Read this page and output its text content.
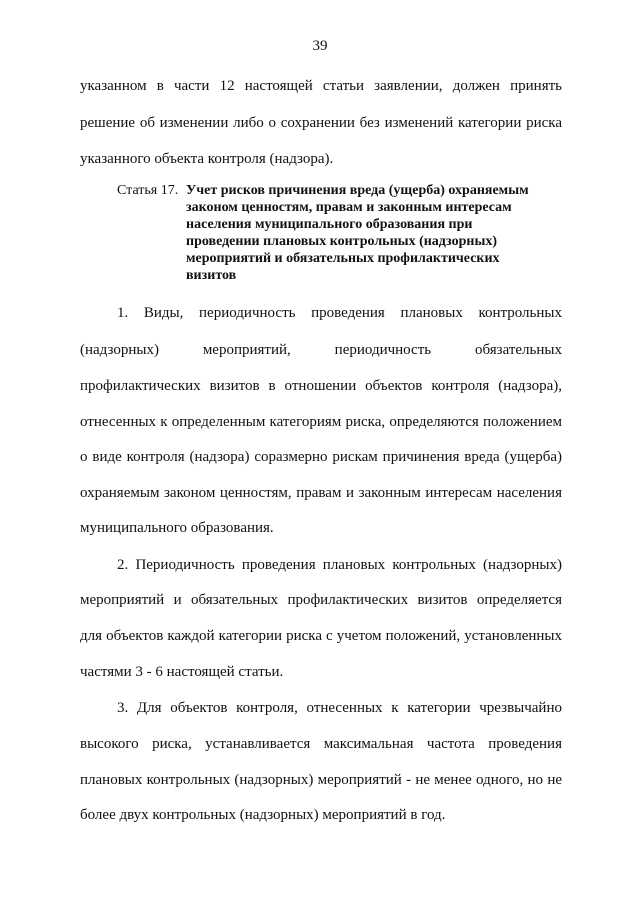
39
указанном в части 12 настоящей статьи заявлении, должен принять
решение об изменении либо о сохранении без изменений категории риска
указанного объекта контроля (надзора).
Статья 17. Учет рисков причинения вреда (ущерба) охраняемым
законом ценностям, правам и законным интересам
населения муниципального образования при
проведении плановых контрольных (надзорных)
мероприятий и обязательных профилактических
визитов
1. Виды, периодичность проведения плановых контрольных
(надзорных) мероприятий, периодичность обязательных
профилактических визитов в отношении объектов контроля (надзора),
отнесенных к определенным категориям риска, определяются положением
о виде контроля (надзора) соразмерно рискам причинения вреда (ущерба)
охраняемым законом ценностям, правам и законным интересам населения
муниципального образования.
2. Периодичность проведения плановых контрольных (надзорных)
мероприятий и обязательных профилактических визитов определяется
для объектов каждой категории риска с учетом положений, установленных
частями 3 - 6 настоящей статьи.
3. Для объектов контроля, отнесенных к категории чрезвычайно
высокого риска, устанавливается максимальная частота проведения
плановых контрольных (надзорных) мероприятий - не менее одного, но не
более двух контрольных (надзорных) мероприятий в год.
